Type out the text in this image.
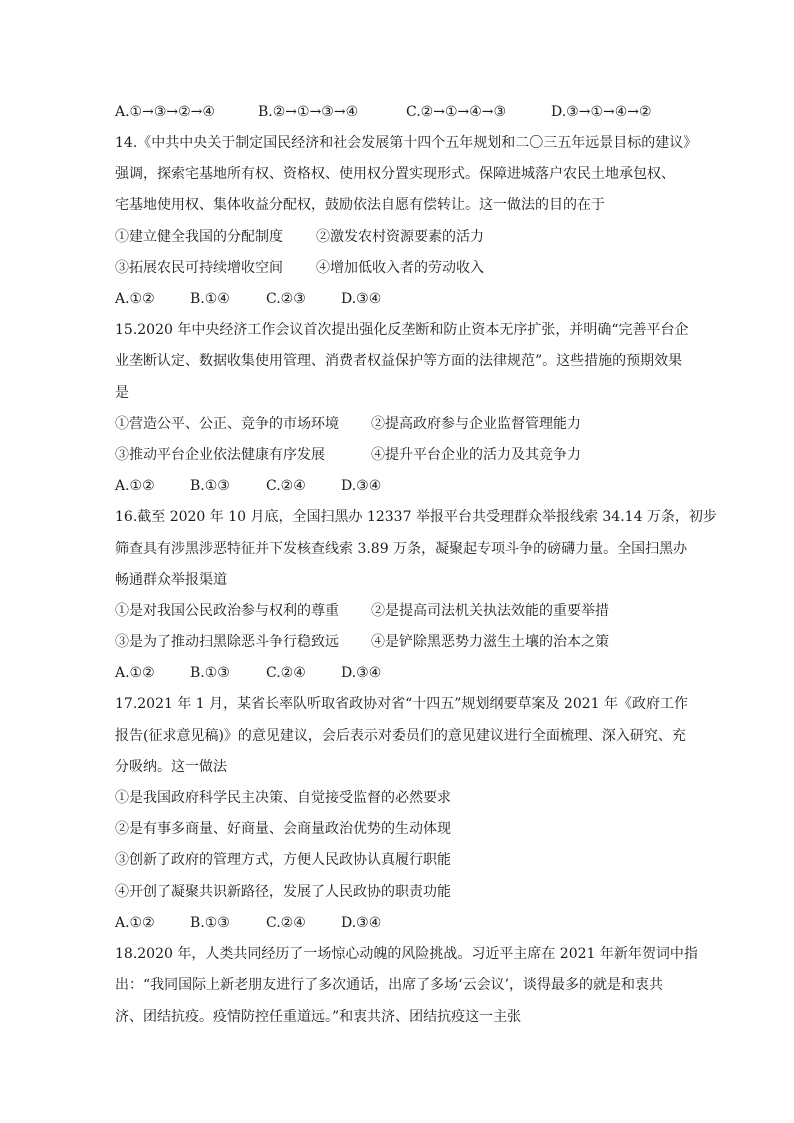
A.①→③→②→④	B.②→①→③→④	C.②→①→④→③	D.③→①→④→②
14.《中共中央关于制定国民经济和社会发展第十四个五年规划和二〇三五年远景目标的建议》
强调，探索宅基地所有权、资格权、使用权分置实现形式。保障进城落户农民土地承包权、
宅基地使用权、集体收益分配权，鼓励依法自愿有偿转让。这一做法的目的在于
①建立健全我国的分配制度 ②激发农村资源要素的活力
③拓展农民可持续增收空间 ④增加低收入者的劳动收入
A.①②	B.①④	C.②③	D.③④
15.2020 年中央经济工作会议首次提出强化反垄断和防止资本无序扩张，并明确“完善平台企
业垄断认定、数据收集使用管理、消费者权益保护等方面的法律规范”。这些措施的预期效果
是
①营造公平、公正、竞争的市场环境 ②提高政府参与企业监督管理能力
③推动平台企业依法健康有序发展	④提升平台企业的活力及其竞争力
A.①②	B.①③	C.②④	D.③④
16.截至 2020 年 10 月底，全国扫黑办 12337 举报平台共受理群众举报线索 34.14 万条，初步
筛查具有涉黑涉恶特征并下发核查线索 3.89 万条，凝聚起专项斗争的磅礴力量。全国扫黑办
畅通群众举报渠道
①是对我国公民政治参与权利的尊重 ②是提高司法机关执法效能的重要举措
③是为了推动扫黑除恶斗争行稳致远 ④是铲除黑恶势力滋生土壤的治本之策
A.①②	B.①③	C.②④	D.③④
17.2021 年 1 月，某省长率队听取省政协对省“十四五”规划纲要草案及 2021 年《政府工作
报告(征求意见稿)》的意见建议，会后表示对委员们的意见建议进行全面梳理、深入研究、充
分吸纳。这一做法
①是我国政府科学民主决策、自觉接受监督的必然要求
②是有事多商量、好商量、会商量政治优势的生动体现
③创新了政府的管理方式，方便人民政协认真履行职能
④开创了凝聚共识新路径，发展了人民政协的职责功能
A.①②	B.①③	C.②④	D.③④
18.2020 年，人类共同经历了一场惊心动魄的风险挑战。习近平主席在 2021 年新年贺词中指
出：“我同国际上新老朋友进行了多次通话，出席了多场‘云会议’，谈得最多的就是和衷共
济、团结抗疫。疫情防控任重道远。”和衷共济、团结抗疫这一主张
